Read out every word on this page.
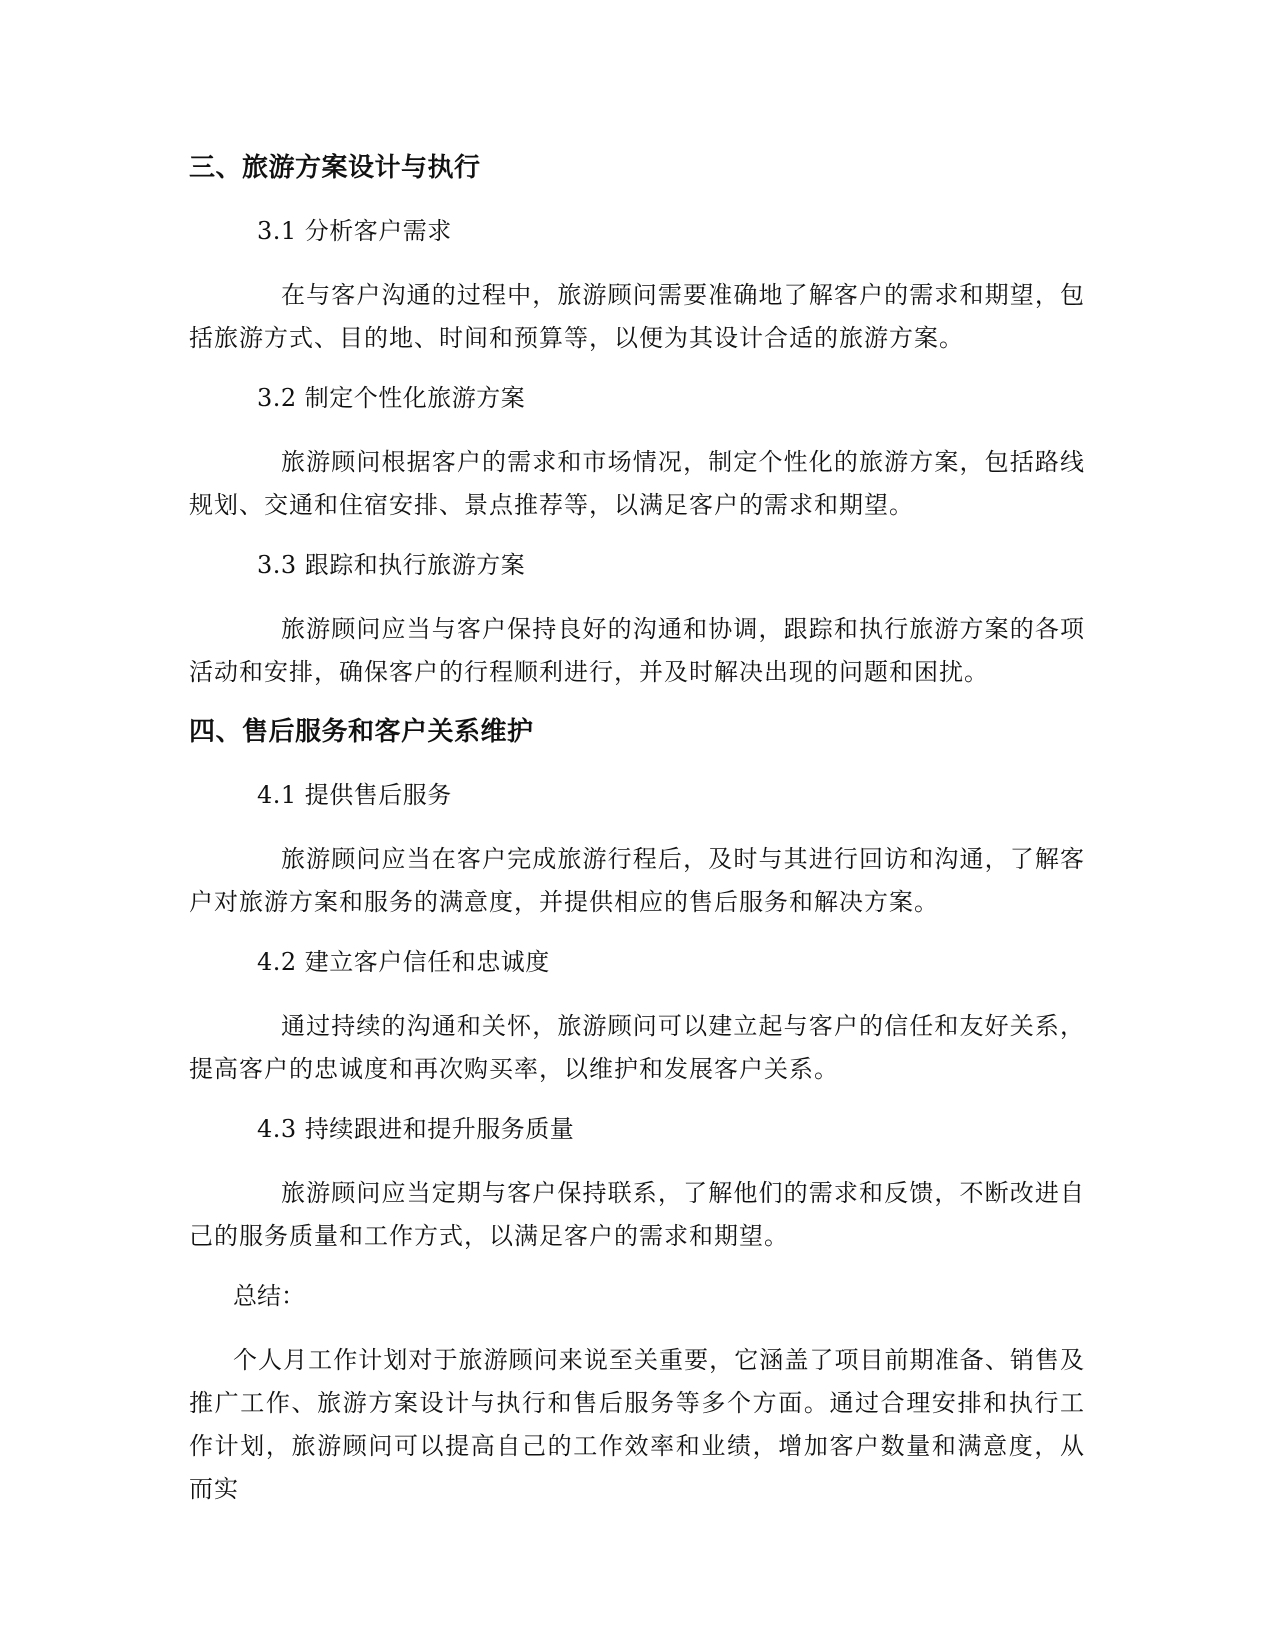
三、旅游方案设计与执行

3.1 分析客户需求

在与客户沟通的过程中，旅游顾问需要准确地了解客户的需求和期望，包括旅游方式、目的地、时间和预算等，以便为其设计合适的旅游方案。

3.2 制定个性化旅游方案

旅游顾问根据客户的需求和市场情况，制定个性化的旅游方案，包括路线规划、交通和住宿安排、景点推荐等，以满足客户的需求和期望。

3.3 跟踪和执行旅游方案

旅游顾问应当与客户保持良好的沟通和协调，跟踪和执行旅游方案的各项活动和安排，确保客户的行程顺利进行，并及时解决出现的问题和困扰。

四、售后服务和客户关系维护

4.1 提供售后服务

旅游顾问应当在客户完成旅游行程后，及时与其进行回访和沟通，了解客户对旅游方案和服务的满意度，并提供相应的售后服务和解决方案。

4.2 建立客户信任和忠诚度

通过持续的沟通和关怀，旅游顾问可以建立起与客户的信任和友好关系，提高客户的忠诚度和再次购买率，以维护和发展客户关系。

4.3 持续跟进和提升服务质量

旅游顾问应当定期与客户保持联系，了解他们的需求和反馈，不断改进自己的服务质量和工作方式，以满足客户的需求和期望。

总结：

个人月工作计划对于旅游顾问来说至关重要，它涵盖了项目前期准备、销售及推广工作、旅游方案设计与执行和售后服务等多个方面。通过合理安排和执行工作计划，旅游顾问可以提高自己的工作效率和业绩，增加客户数量和满意度，从而实
